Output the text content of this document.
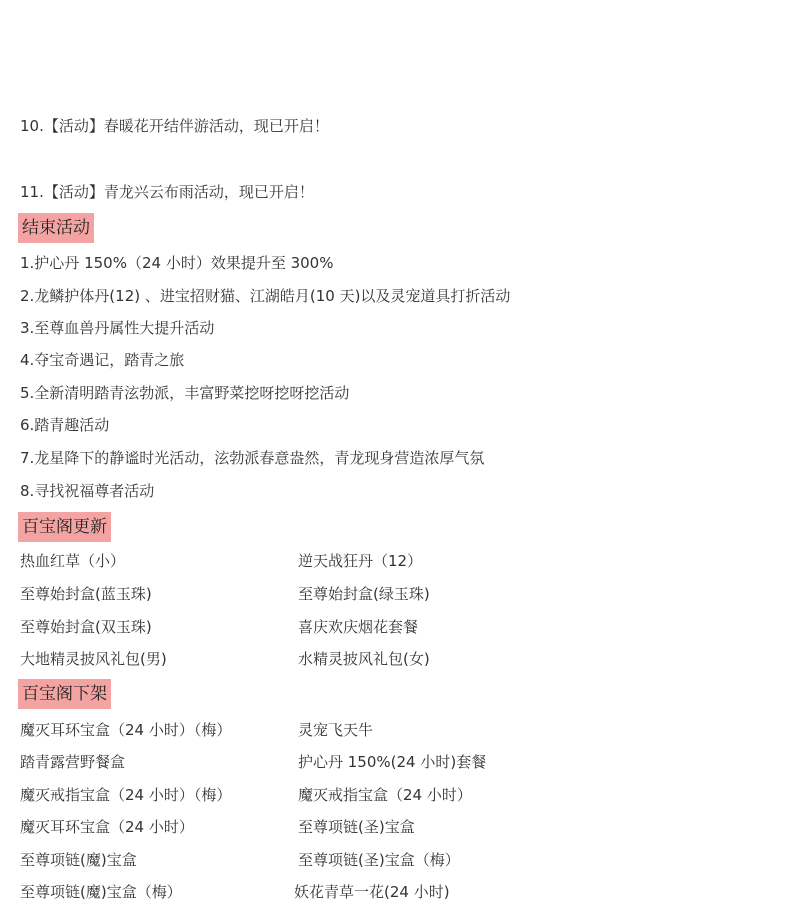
10.【活动】春暖花开结伴游活动，现已开启！
11.【活动】青龙兴云布雨活动，现已开启！
结束活动
1.护心丹 150%（24 小时）效果提升至 300%
2.龙鳞护体丹(12) 、进宝招财猫、江湖皓月(10 天)以及灵宠道具打折活动
3.至尊血兽丹属性大提升活动
4.夺宝奇遇记，踏青之旅
5.全新清明踏青泫勃派，丰富野菜挖呀挖呀挖活动
6.踏青趣活动
7.龙星降下的静谧时光活动，泫勃派春意盎然，青龙现身营造浓厚气氛
8.寻找祝福尊者活动
百宝阁更新
热血红草（小）	逆天战狂丹（12）
至尊始封盒(蓝玉珠)	至尊始封盒(绿玉珠)
至尊始封盒(双玉珠)	喜庆欢庆烟花套餐
大地精灵披风礼包(男)	水精灵披风礼包(女)
百宝阁下架
魔灭耳环宝盒（24 小时）（梅）	灵宠飞天牛
踏青露营野餐盒	护心丹 150%(24 小时)套餐
魔灭戒指宝盒（24 小时）（梅）	魔灭戒指宝盒（24 小时）
魔灭耳环宝盒（24 小时）	至尊项链(圣)宝盒
至尊项链(魔)宝盒	至尊项链(圣)宝盒（梅）
至尊项链(魔)宝盒（梅）	妖花青草一花(24 小时)
